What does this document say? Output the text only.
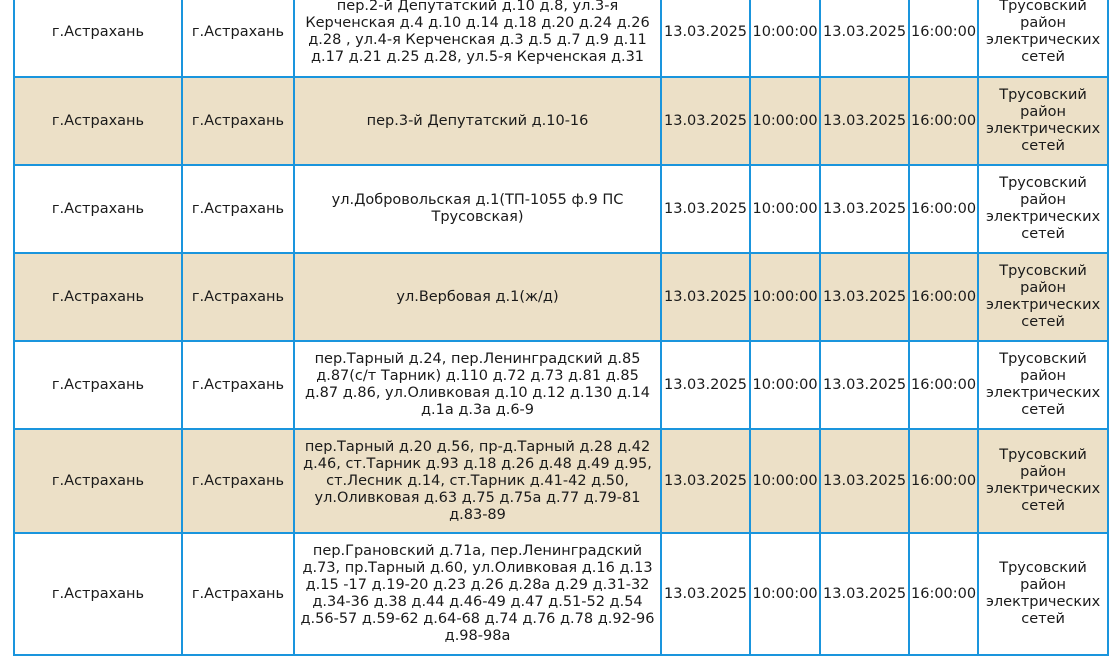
г.Астрахань	г.Астрахань	пер.2-й Депутатский д.10 д.8, ул.3-я Керченская д.4 д.10 д.14 д.18 д.20 д.24 д.26 д.28 , ул.4-я Керченская д.3 д.5 д.7 д.9 д.11 д.17 д.21 д.25 д.28, ул.5-я Керченская д.31	13.03.2025	10:00:00	13.03.2025	16:00:00	Трусовский район электрических сетей
г.Астрахань	г.Астрахань	пер.3-й Депутатский д.10-16	13.03.2025	10:00:00	13.03.2025	16:00:00	Трусовский район электрических сетей
г.Астрахань	г.Астрахань	ул.Добровольская д.1(ТП-1055 ф.9 ПС Трусовская)	13.03.2025	10:00:00	13.03.2025	16:00:00	Трусовский район электрических сетей
г.Астрахань	г.Астрахань	ул.Вербовая д.1(ж/д)	13.03.2025	10:00:00	13.03.2025	16:00:00	Трусовский район электрических сетей
г.Астрахань	г.Астрахань	пер.Тарный д.24, пер.Ленинградский д.85 д.87(с/т Тарник) д.110 д.72 д.73 д.81 д.85 д.87 д.86, ул.Оливковая д.10 д.12 д.130 д.14 д.1а д.3а д.6-9	13.03.2025	10:00:00	13.03.2025	16:00:00	Трусовский район электрических сетей
г.Астрахань	г.Астрахань	пер.Тарный д.20 д.56, пр-д.Тарный д.28 д.42 д.46, ст.Тарник д.93 д.18 д.26 д.48 д.49 д.95, ст.Лесник д.14, ст.Тарник д.41-42 д.50, ул.Оливковая д.63 д.75 д.75а д.77 д.79-81 д.83-89	13.03.2025	10:00:00	13.03.2025	16:00:00	Трусовский район электрических сетей
г.Астрахань	г.Астрахань	пер.Грановский д.71а, пер.Ленинградский д.73, пр.Тарный д.60, ул.Оливковая д.16 д.13 д.15 -17 д.19-20 д.23 д.26 д.28а д.29 д.31-32 д.34-36 д.38 д.44 д.46-49 д.47 д.51-52 д.54 д.56-57 д.59-62 д.64-68 д.74 д.76 д.78 д.92-96 д.98-98а	13.03.2025	10:00:00	13.03.2025	16:00:00	Трусовский район электрических сетей
